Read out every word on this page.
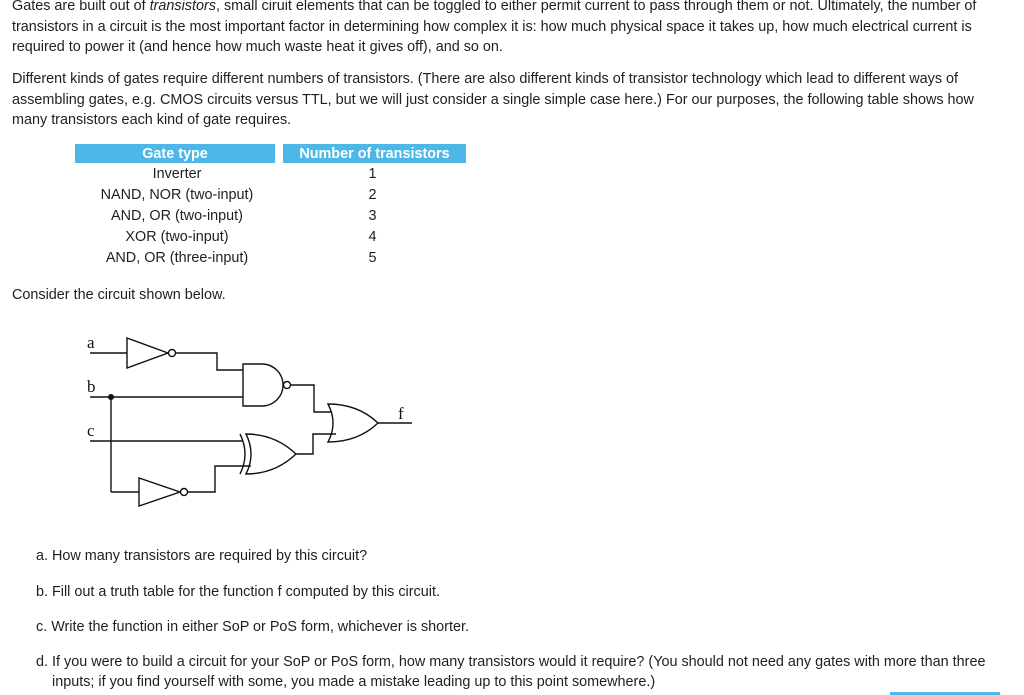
Gates are built out of transistors, small ciruit elements that can be toggled to either permit current to pass through them or not. Ultimately, the number of transistors in a circuit is the most important factor in determining how complex it is: how much physical space it takes up, how much electrical current is required to power it (and hence how much waste heat it gives off), and so on.

Different kinds of gates require different numbers of transistors. (There are also different kinds of transistor technology which lead to different ways of assembling gates, e.g. CMOS circuits versus TTL, but we will just consider a single simple case here.) For our purposes, the following table shows how many transistors each kind of gate requires.

Gate type	Number of transistors
Inverter	1
NAND, NOR (two-input)	2
AND, OR (two-input)	3
XOR (two-input)	4
AND, OR (three-input)	5

Consider the circuit shown below.

a
b
c
f

a. How many transistors are required by this circuit?

b. Fill out a truth table for the function f computed by this circuit.

c. Write the function in either SoP or PoS form, whichever is shorter.

d. If you were to build a circuit for your SoP or PoS form, how many transistors would it require? (You should not need any gates with more than three inputs; if you find yourself with some, you made a mistake leading up to this point somewhere.)
